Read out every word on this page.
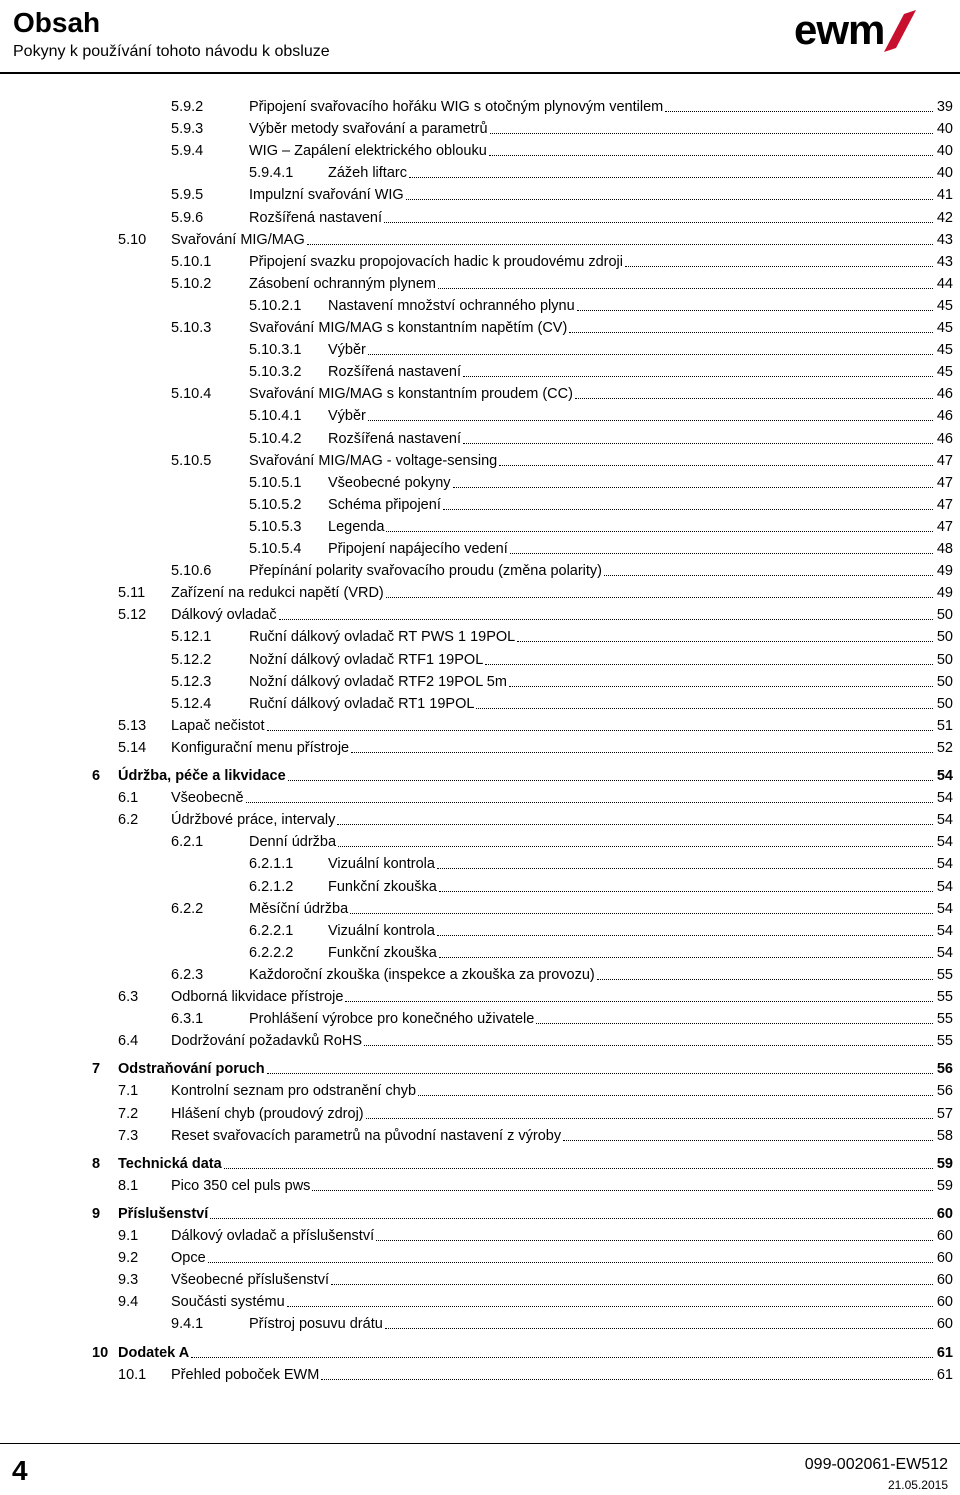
Obsah
Pokyny k používání tohoto návodu k obsluze	ewm
5.9.2	Připojení svařovacího hořáku WIG s otočným plynovým ventilem	39
5.9.3	Výběr metody svařování a parametrů	40
5.9.4	WIG – Zapálení elektrického oblouku	40
5.9.4.1	Zážeh liftarc	40
5.9.5	Impulzní svařování WIG	41
5.9.6	Rozšířená nastavení	42
5.10	Svařování MIG/MAG	43
5.10.1	Připojení svazku propojovacích hadic k proudovému zdroji	43
5.10.2	Zásobení ochranným plynem	44
5.10.2.1	Nastavení množství ochranného plynu	45
5.10.3	Svařování MIG/MAG s konstantním napětím (CV)	45
5.10.3.1	Výběr	45
5.10.3.2	Rozšířená nastavení	45
5.10.4	Svařování MIG/MAG s konstantním proudem (CC)	46
5.10.4.1	Výběr	46
5.10.4.2	Rozšířená nastavení	46
5.10.5	Svařování MIG/MAG - voltage-sensing	47
5.10.5.1	Všeobecné pokyny	47
5.10.5.2	Schéma připojení	47
5.10.5.3	Legenda	47
5.10.5.4	Připojení napájecího vedení	48
5.10.6	Přepínání polarity svařovacího proudu (změna polarity)	49
5.11	Zařízení na redukci napětí (VRD)	49
5.12	Dálkový ovladač	50
5.12.1	Ruční dálkový ovladač RT PWS 1 19POL	50
5.12.2	Nožní dálkový ovladač RTF1 19POL	50
5.12.3	Nožní dálkový ovladač RTF2 19POL 5m	50
5.12.4	Ruční dálkový ovladač RT1 19POL	50
5.13	Lapač nečistot	51
5.14	Konfigurační menu přístroje	52
6	Údržba, péče a likvidace	54
6.1	Všeobecně	54
6.2	Údržbové práce, intervaly	54
6.2.1	Denní údržba	54
6.2.1.1	Vizuální kontrola	54
6.2.1.2	Funkční zkouška	54
6.2.2	Měsíční údržba	54
6.2.2.1	Vizuální kontrola	54
6.2.2.2	Funkční zkouška	54
6.2.3	Každoroční zkouška (inspekce a zkouška za provozu)	55
6.3	Odborná likvidace přístroje	55
6.3.1	Prohlášení výrobce pro konečného uživatele	55
6.4	Dodržování požadavků RoHS	55
7	Odstraňování poruch	56
7.1	Kontrolní seznam pro odstranění chyb	56
7.2	Hlášení chyb (proudový zdroj)	57
7.3	Reset svařovacích parametrů na původní nastavení z výroby	58
8	Technická data	59
8.1	Pico 350 cel puls pws	59
9	Příslušenství	60
9.1	Dálkový ovladač a příslušenství	60
9.2	Opce	60
9.3	Všeobecné příslušenství	60
9.4	Součásti systému	60
9.4.1	Přístroj posuvu drátu	60
10 Dodatek A	61
10.1	Přehled poboček EWM	61
4	099-002061-EW512
21.05.2015
